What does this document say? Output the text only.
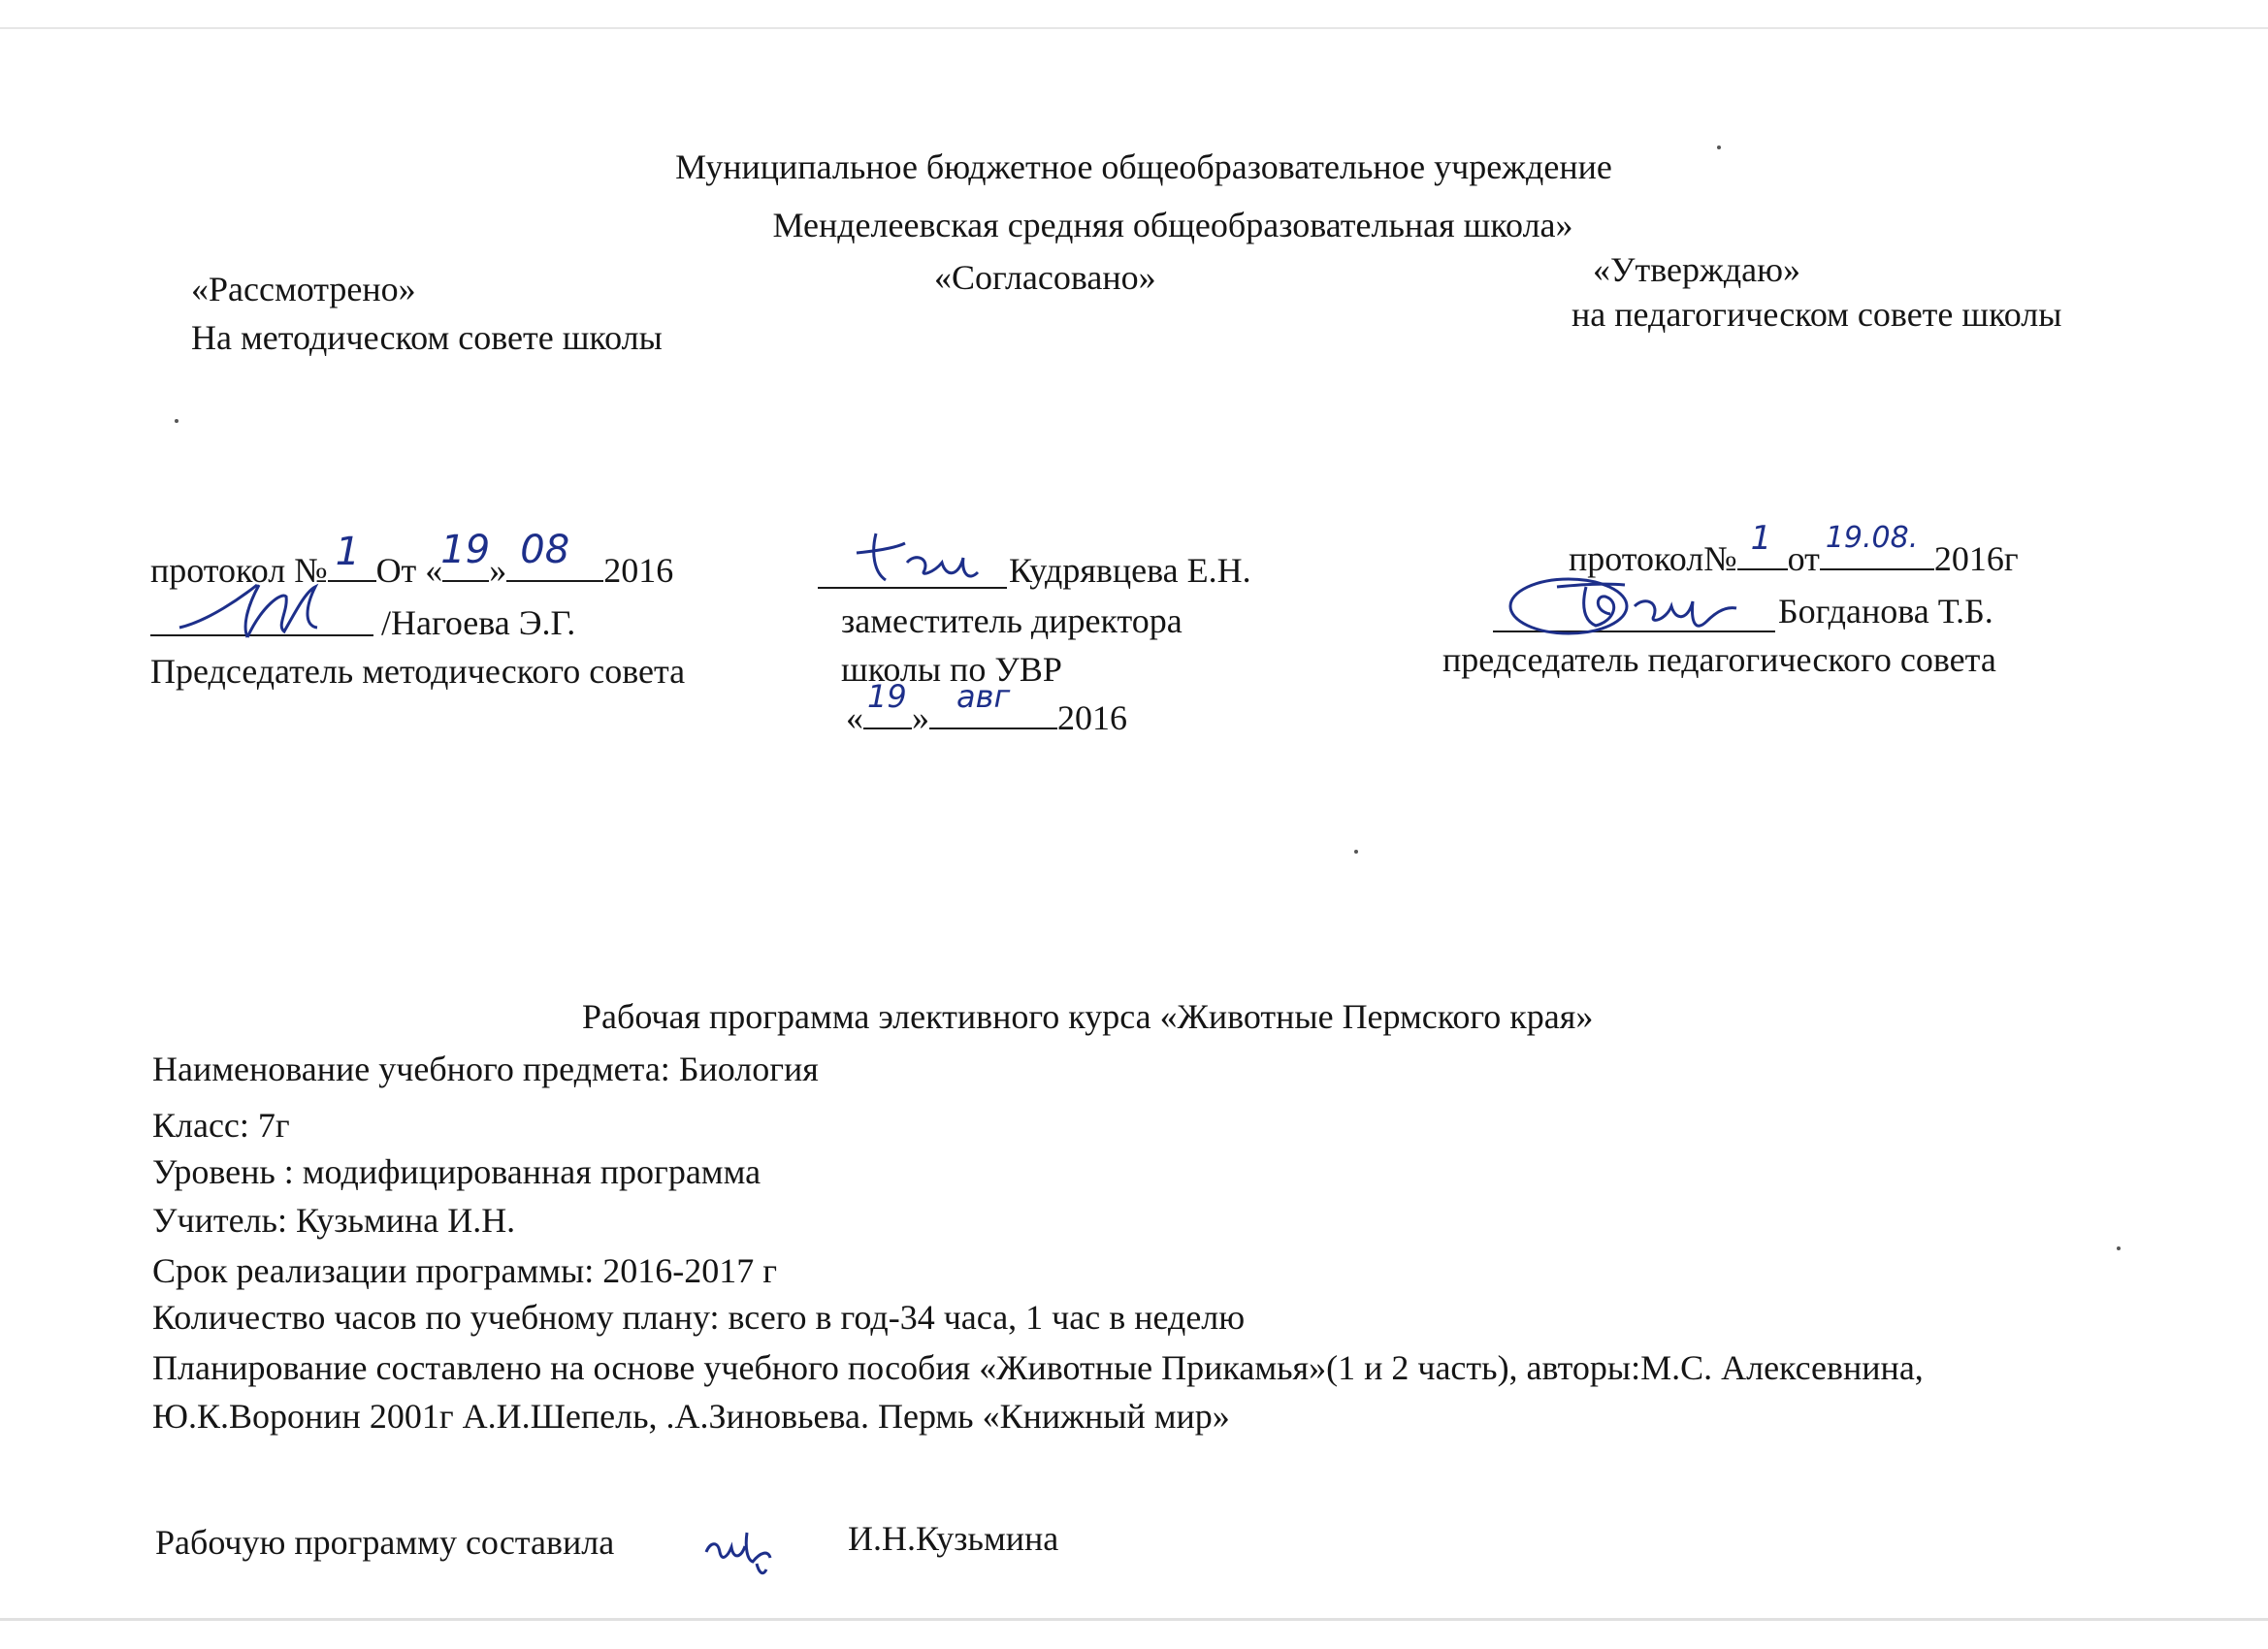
Муниципальное бюджетное общеобразовательное учреждение
Менделеевская средняя общеобразовательная школа»
«Рассмотрено»
На методическом совете школы
«Согласовано»	«Утверждаю»
на педагогическом совете школы
протокол № 1 От «
19 » 08 2016
/Нагоева Э.Г.
Председатель методического совета
Кудрявцева Е.Н.
заместитель директора
школы по УВР
«
19
»
авг
2016
протокол№
1
от
19.08.
2016г
Богданова Т.Б.
председатель педагогического совета
Рабочая программа элективного курса «Животные Пермского края»
Наименование учебного предмета: Биология
Класс: 7г
Уровень : модифицированная программа
Учитель: Кузьмина И.Н.
Срок реализации программы: 2016-2017 г
Количество часов по учебному плану: всего в год-34 часа, 1 час в неделю
Планирование составлено на основе учебного пособия «Животные Прикамья»(1 и 2 часть), авторы:М.С. Алексевнина,
Ю.К.Воронин 2001г А.И.Шепель, .А.Зиновьева. Пермь «Книжный мир»
Рабочую программу составила	И.Н.Кузьмина
